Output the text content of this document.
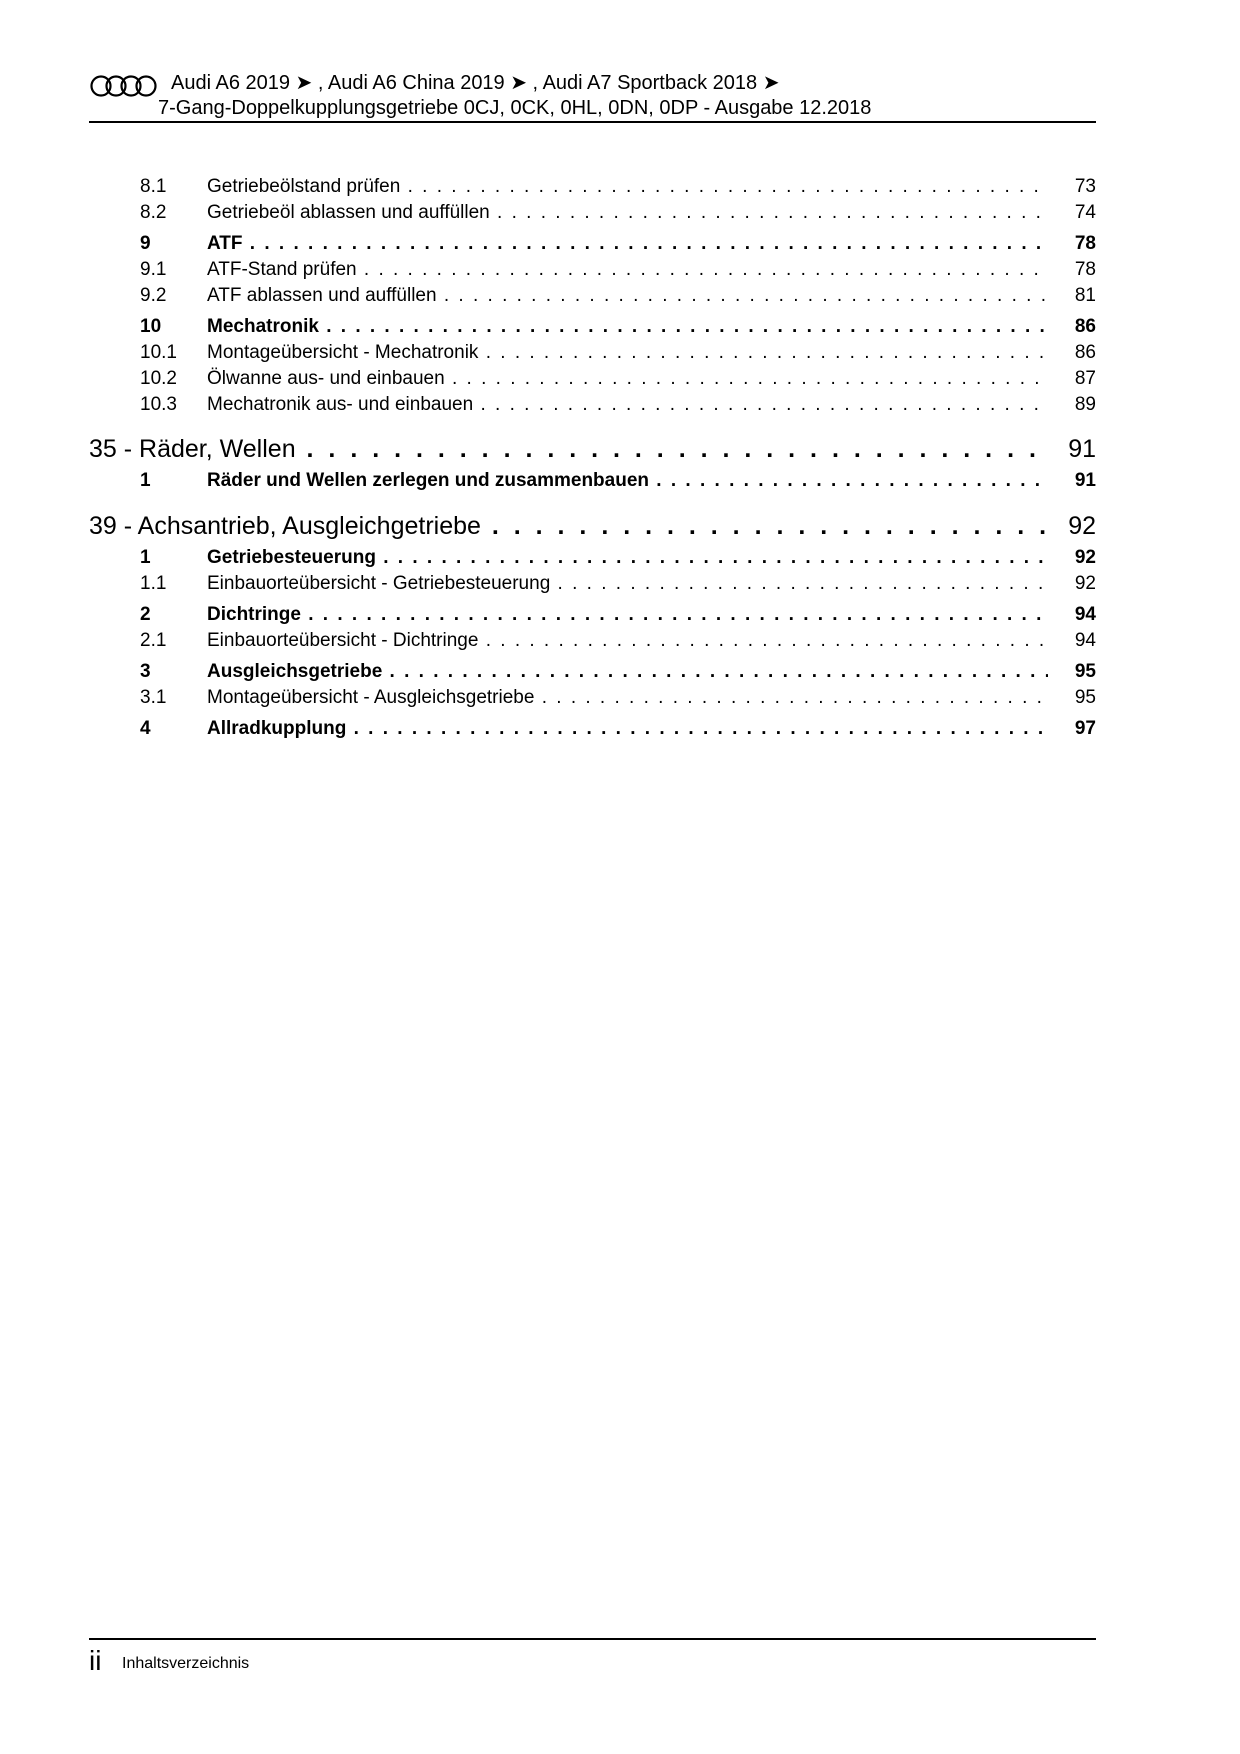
Audi A6 2019 ➤ , Audi A6 China 2019 ➤ , Audi A7 Sportback 2018 ➤
7-Gang-Doppelkupplungsgetriebe 0CJ, 0CK, 0HL, 0DN, 0DP - Ausgabe 12.2018
8.1 Getriebeölstand prüfen . . .	73
8.2 Getriebeöl ablassen und auffüllen . . .	74
9	ATF . . .	78
9.1 ATF-Stand prüfen . . .	78
9.2 ATF ablassen und auffüllen . . .	81
10 Mechatronik . . .	86
10.1 Montageübersicht - Mechatronik . . .	86
10.2 Ölwanne aus- und einbauen . . .	87
10.3 Mechatronik aus- und einbauen . . .	89
35 - Räder, Wellen . . .	91
1	Räder und Wellen zerlegen und zusammenbauen . . .	91
39 - Achsantrieb, Ausgleichgetriebe . . .	92
1	Getriebesteuerung . . .	92
1.1 Einbauorteübersicht - Getriebesteuerung . . .	92
2	Dichtringe . . .	94
2.1 Einbauorteübersicht - Dichtringe . . .	94
3	Ausgleichsgetriebe . . .	95
3.1 Montageübersicht - Ausgleichsgetriebe . . .	95
4	Allradkupplung . . .	97
ii Inhaltsverzeichnis
